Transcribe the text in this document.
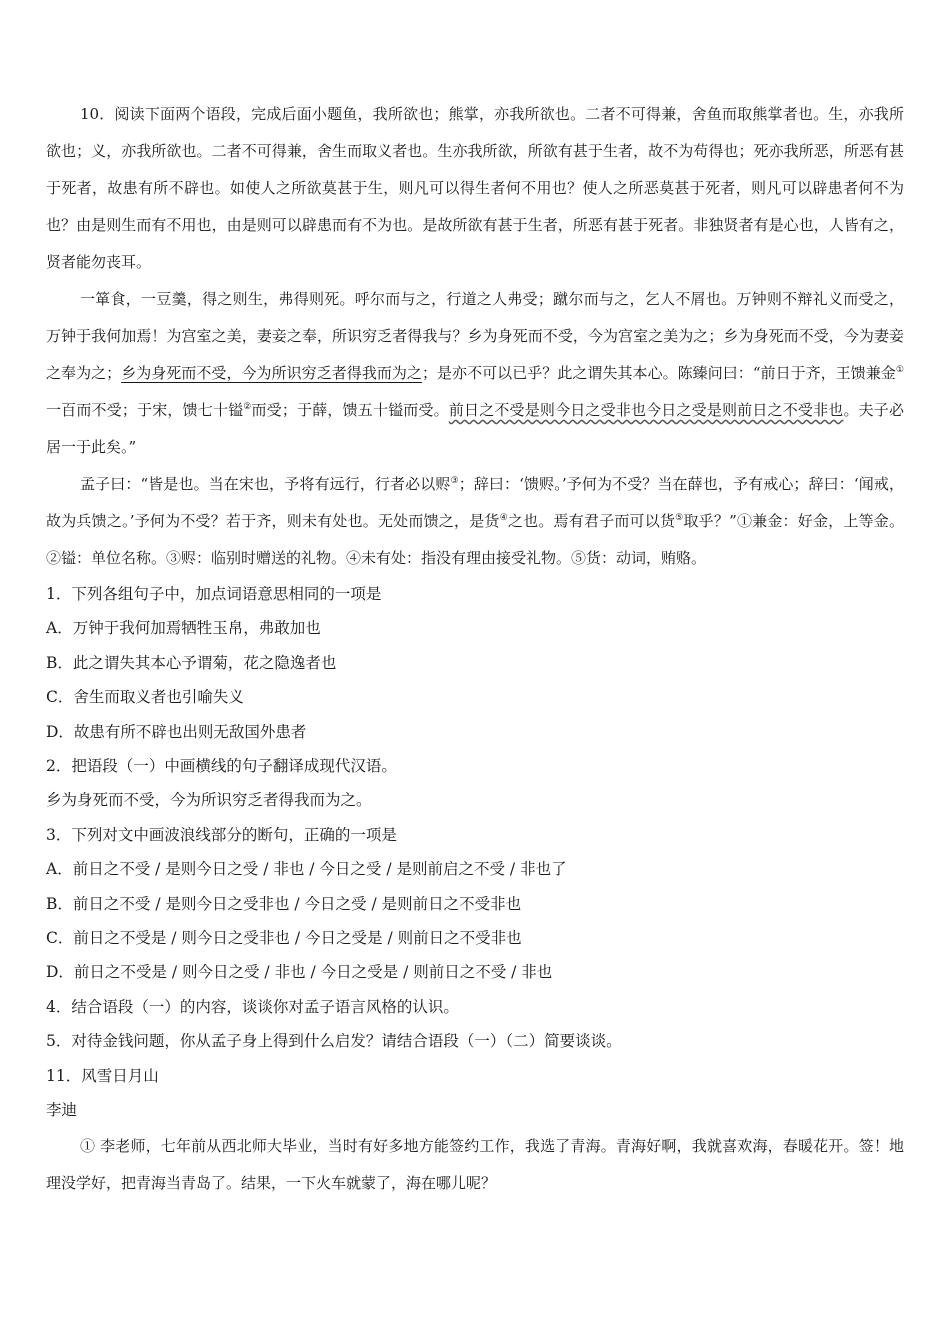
10．阅读下面两个语段，完成后面小题鱼，我所欲也；熊掌，亦我所欲也。二者不可得兼，舍鱼而取熊掌者也。生，亦我所欲也；义，亦我所欲也。二者不可得兼，舍生而取义者也。生亦我所欲，所欲有甚于生者，故不为苟得也；死亦我所恶，所恶有甚于死者，故患有所不辟也。如使人之所欲莫甚于生，则凡可以得生者何不用也？使人之所恶莫甚于死者，则凡可以辟患者何不为也？由是则生而有不用也，由是则可以辟患而有不为也。是故所欲有甚于生者，所恶有甚于死者。非独贤者有是心也，人皆有之，贤者能勿丧耳。

一箪食，一豆羹，得之则生，弗得则死。呼尔而与之，行道之人弗受；蹴尔而与之，乞人不屑也。万钟则不辩礼义而受之，万钟于我何加焉！为宫室之美，妻妾之奉，所识穷乏者得我与？乡为身死而不受，今为宫室之美为之；乡为身死而不受，今为妻妾之奉为之；乡为身死而不受，今为所识穷乏者得我而为之；是亦不可以已乎？此之谓失其本心。陈臻问曰：“前日于齐，王馈兼金①一百而不受；于宋，馈七十镒②而受；于薛，馈五十镒而受。前日之不受是则今日之受非也今日之受是则前日之不受非也。夫子必居一于此矣。”

孟子曰：“皆是也。当在宋也，予将有远行，行者必以赆③；辞曰：‘馈赆。’予何为不受？当在薛也，予有戒心；辞曰：‘闻戒，故为兵馈之。’予何为不受？若于齐，则未有处也。无处而馈之，是货④之也。焉有君子而可以货⑤取乎？”①兼金：好金，上等金。②镒：单位名称。③赆：临别时赠送的礼物。④未有处：指没有理由接受礼物。⑤货：动词，贿赂。

1．下列各组句子中，加点词语意思相同的一项是

A．万钟于我何加焉牺牲玉帛，弗敢加也

B．此之谓失其本心予谓菊，花之隐逸者也

C．舍生而取义者也引喻失义

D．故患有所不辟也出则无敌国外患者

2．把语段（一）中画横线的句子翻译成现代汉语。

乡为身死而不受，今为所识穷乏者得我而为之。

3．下列对文中画波浪线部分的断句，正确的一项是

A．前日之不受 / 是则今日之受 / 非也 / 今日之受 / 是则前启之不受 / 非也了

B．前日之不受 / 是则今日之受非也 / 今日之受 / 是则前日之不受非也

C．前日之不受是 / 则今日之受非也 / 今日之受是 / 则前日之不受非也

D．前日之不受是 / 则今日之受 / 非也 / 今日之受是 / 则前日之不受 / 非也

4．结合语段（一）的内容，谈谈你对孟子语言风格的认识。

5．对待金钱问题，你从孟子身上得到什么启发？请结合语段（一）（二）简要谈谈。

11．风雪日月山

李迪

① 李老师，七年前从西北师大毕业，当时有好多地方能签约工作，我选了青海。青海好啊，我就喜欢海，春暖花开。签！地理没学好，把青海当青岛了。结果，一下火车就蒙了，海在哪儿呢？
